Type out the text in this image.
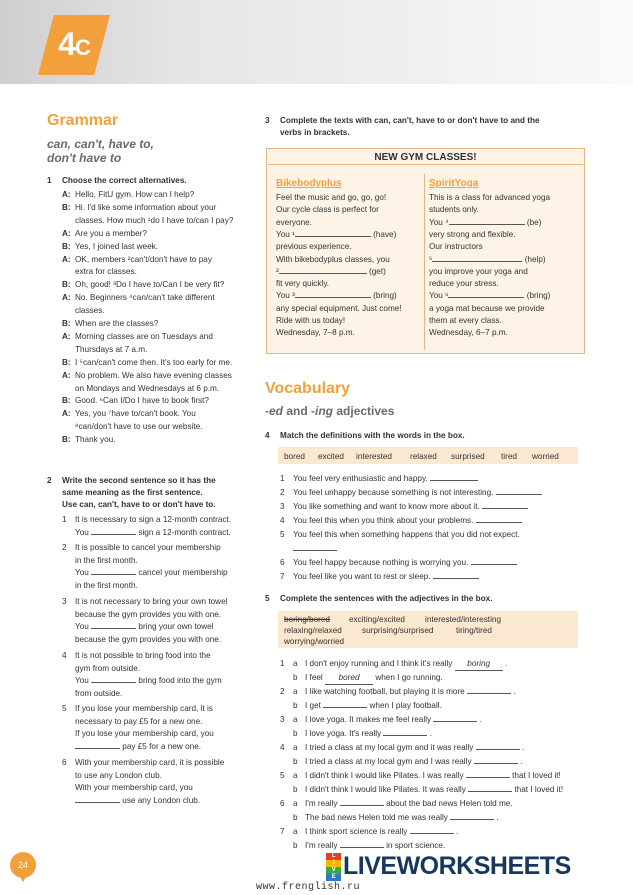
4C
Grammar
can, can't, have to,
don't have to
1 Choose the correct alternatives.
A: Hello, FitU gym. How can I help?
B: Hi. I'd like some information about your
classes. How much ¹do I have to/can I pay?
A: Are you a member?
B: Yes, I joined last week.
A: OK, members ²can't/don't have to pay
extra for classes.
B: Oh, good! ³Do I have to/Can I be very fit?
A: No. Beginners ⁴can/can't take different
classes.
B: When are the classes?
A: Morning classes are on Tuesdays and
Thursdays at 7 a.m.
B: I ⁵can/can't come then. It's too early for me.
A: No problem. We also have evening classes
on Mondays and Wednesdays at 6 p.m.
B: Good. ⁶Can I/Do I have to book first?
A: Yes, you ⁷have to/can't book. You
⁸can/don't have to use our website.
B: Thank you.
2 Write the second sentence so it has the
same meaning as the first sentence.
Use can, can't, have to or don't have to.
1 It is necessary to sign a 12-month contract.
You	sign a 12-month contract.
2 It is possible to cancel your membership
in the first month.
You	cancel your membership
in the first month.
3 It is not necessary to bring your own towel
because the gym provides you with one.
You	bring your own towel
because the gym provides you with one.
4 It is not possible to bring food into the
gym from outside.
You	bring food into the gym
from outside.
5 If you lose your membership card, it is
necessary to pay £5 for a new one.
If you lose your membership card, you
pay £5 for a new one.
6 With your membership card, it is possible
to use any London club.
With your membership card, you
use any London club.
3 Complete the texts with can, can't, have to or don't have to and the
verbs in brackets.
NEW GYM CLASSES!
Bikebodyplus	SpiritYoga
Feel the music and go, go, go!
Our cycle class is perfect for
everyone.
You ¹	(have)
previous experience.
With bikebodyplus classes, you
²	(get)
fit very quickly.
You ³	(bring)
any special equipment. Just come!
Ride with us today!
Wednesday, 7–8 p.m.
This is a class for advanced yoga
students only.
You ⁴	(be)
very strong and flexible.
Our instructors
⁵	(help)
you improve your yoga and
reduce your stress.
You ⁶	(bring)
a yoga mat because we provide
them at every class.
Wednesday, 6–7 p.m.
Vocabulary
-ed and -ing adjectives
4 Match the definitions with the words in the box.
bored excited interested relaxed surprised tired worried
1 You feel very enthusiastic and happy.
2 You feel unhappy because something is not interesting.
3 You like something and want to know more about it.
4 You feel this when you think about your problems.
5 You feel this when something happens that you did not expect.
6 You feel happy because nothing is worrying you.
7 You feel like you want to rest or sleep.
5 Complete the sentences with the adjectives in the box.
boring/bored exciting/excited interested/interesting
relaxing/relaxed surprising/surprised	tiring/tired
worrying/worried
1 a I don't enjoy running and I think it's really boring .
b I feel bored when I go running.
2 a I like watching football, but playing it is more	.
b I get	when I play football.
3 a I love yoga. It makes me feel really	.
b I love yoga. It's really	.
4 a I tried a class at my local gym and it was really	.
b I tried a class at my local gym and I was really	.
5 a I didn't think I would like Pilates. I was really	that I loved it!
b I didn't think I would like Pilates. It was really	that I loved it!
6 a I'm really	about the bad news Helen told me.
b The bad news Helen told me was really	.
7 a I think sport science is really	.
b I'm really	in sport science.
24
L
I
V
E LIVEWORKSHEETS
www.frenglish.ru
